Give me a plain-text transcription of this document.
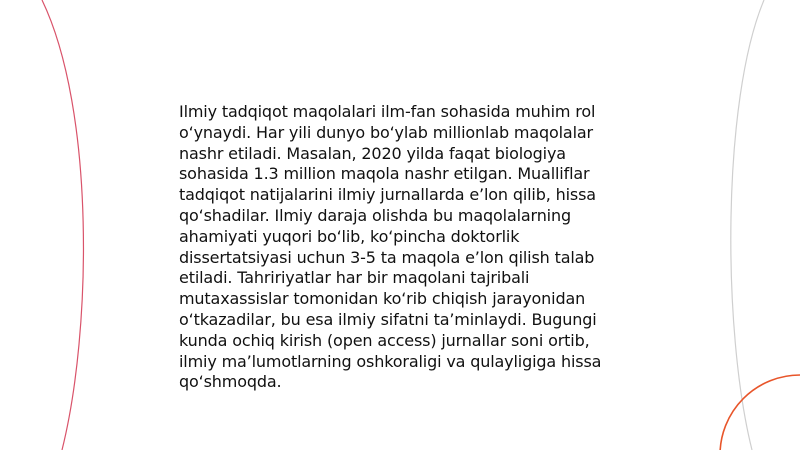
Ilmiy tadqiqot maqolalari ilm-fan sohasida muhim rol o‘ynaydi. Har yili dunyo bo‘ylab millionlab maqolalar nashr etiladi. Masalan, 2020 yilda faqat biologiya sohasida 1.3 million maqola nashr etilgan. Mualliflar tadqiqot natijalarini ilmiy jurnallarda e’lon qilib, hissa qo‘shadilar. Ilmiy daraja olishda bu maqolalarning ahamiyati yuqori bo‘lib, ko‘pincha doktorlik dissertatsiyasi uchun 3-5 ta maqola e’lon qilish talab etiladi. Tahririyatlar har bir maqolani tajribali mutaxassislar tomonidan ko‘rib chiqish jarayonidan o‘tkazadilar, bu esa ilmiy sifatni ta’minlaydi. Bugungi kunda ochiq kirish (open access) jurnallar soni ortib, ilmiy ma’lumotlarning oshkoraligi va qulayligiga hissa qo‘shmoqda.
